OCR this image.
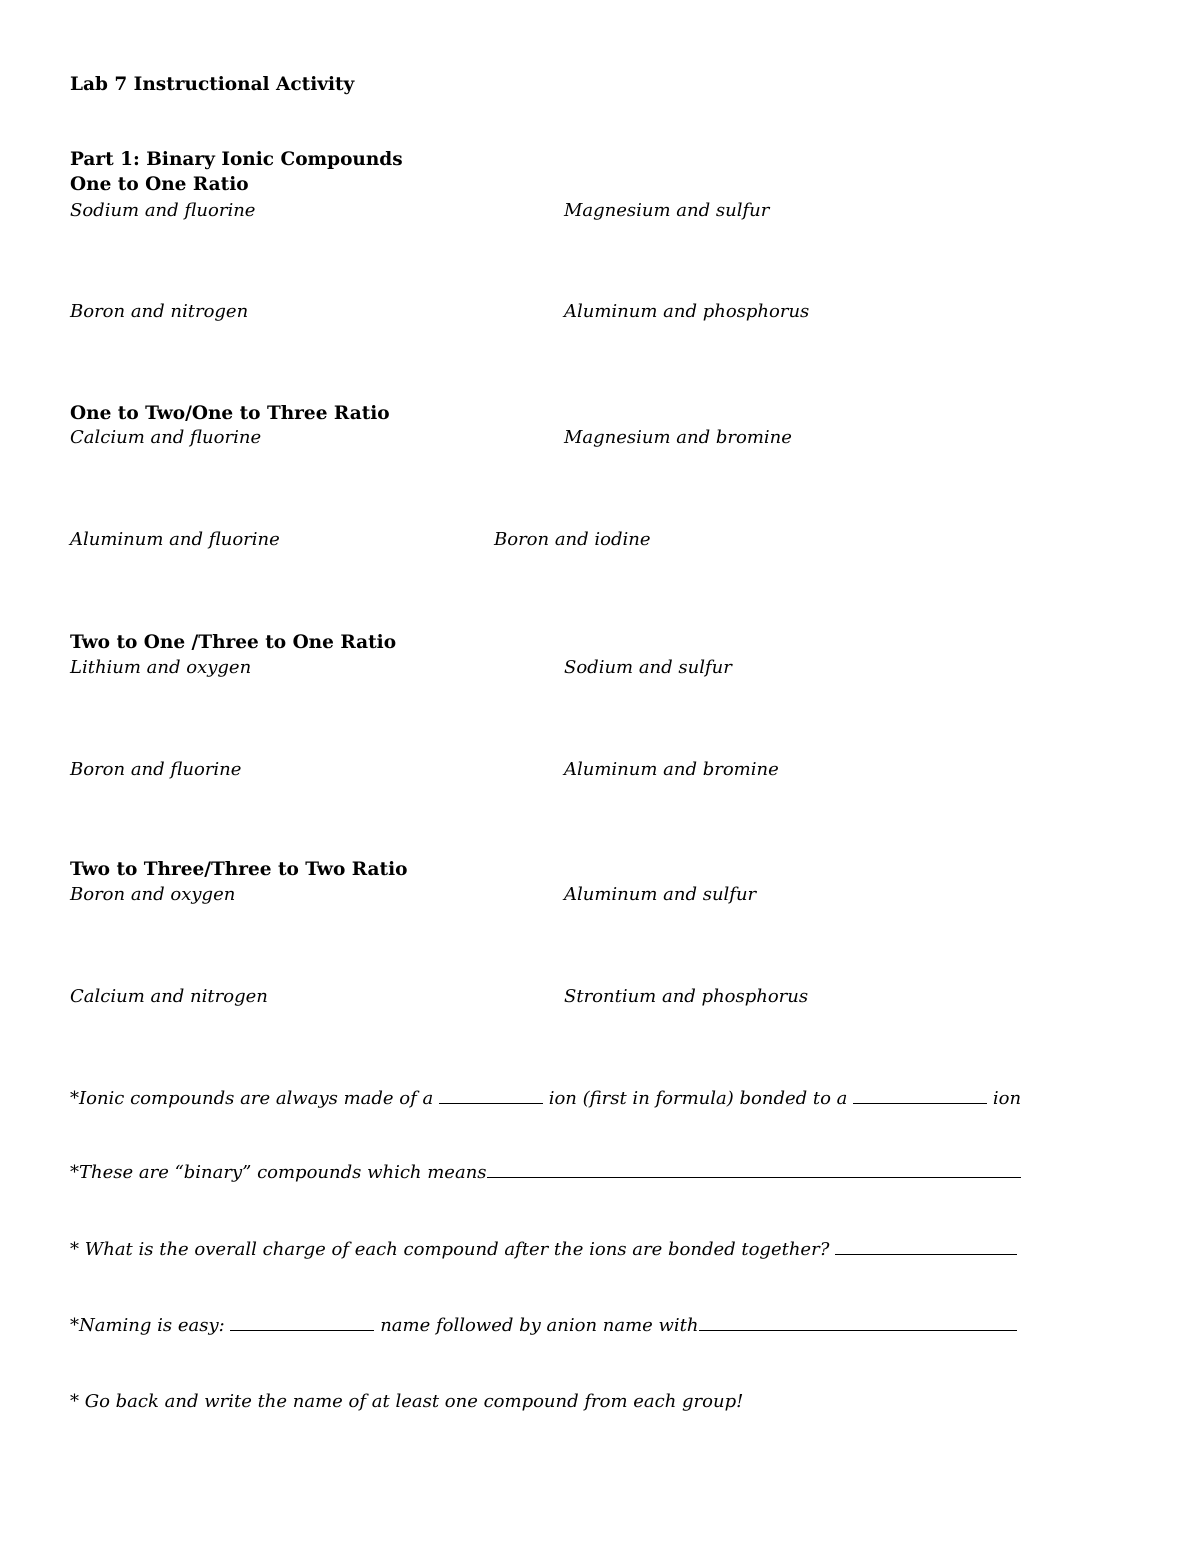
Lab 7 Instructional Activity
Part 1: Binary Ionic Compounds
One to One Ratio
Sodium and fluorine	Magnesium and sulfur
Boron and nitrogen	Aluminum and phosphorus
One to Two/One to Three Ratio
Calcium and fluorine	Magnesium and bromine
Aluminum and fluorine	Boron and iodine
Two to One /Three to One Ratio
Lithium and oxygen	Sodium and sulfur
Boron and fluorine	Aluminum and bromine
Two to Three/Three to Two Ratio
Boron and oxygen	Aluminum and sulfur
Calcium and nitrogen	Strontium and phosphorus
*Ionic compounds are always made of a	ion (first in formula) bonded to a	ion
*These are “binary” compounds which means
* What is the overall charge of each compound after the ions are bonded together?
*Naming is easy:	name followed by anion name with
* Go back and write the name of at least one compound from each group!
